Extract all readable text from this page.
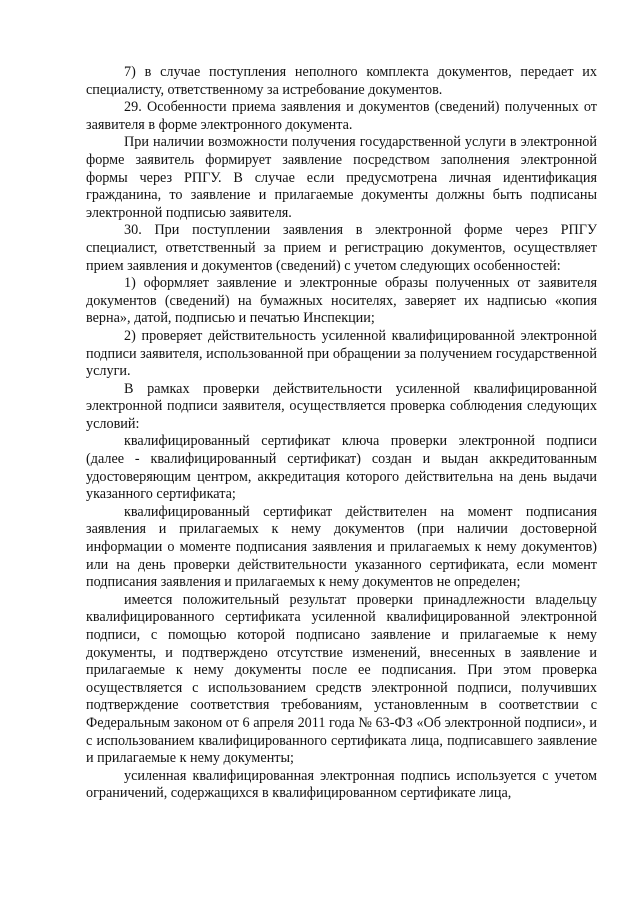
7) в случае поступления неполного комплекта документов, передает их специалисту, ответственному за истребование документов.

29. Особенности приема заявления и документов (сведений) полученных от заявителя в форме электронного документа.

При наличии возможности получения государственной услуги в электронной форме заявитель формирует заявление посредством заполнения электронной формы через РПГУ. В случае если предусмотрена личная идентификация гражданина, то заявление и прилагаемые документы должны быть подписаны электронной подписью заявителя.

30. При поступлении заявления в электронной форме через РПГУ специалист, ответственный за прием и регистрацию документов, осуществляет прием заявления и документов (сведений) с учетом следующих особенностей:

1) оформляет заявление и электронные образы полученных от заявителя документов (сведений) на бумажных носителях, заверяет их надписью «копия верна», датой, подписью и печатью Инспекции;

2) проверяет действительность усиленной квалифицированной электронной подписи заявителя, использованной при обращении за получением государственной услуги.

В рамках проверки действительности усиленной квалифицированной электронной подписи заявителя, осуществляется проверка соблюдения следующих условий:

квалифицированный сертификат ключа проверки электронной подписи (далее - квалифицированный сертификат) создан и выдан аккредитованным удостоверяющим центром, аккредитация которого действительна на день выдачи указанного сертификата;

квалифицированный сертификат действителен на момент подписания заявления и прилагаемых к нему документов (при наличии достоверной информации о моменте подписания заявления и прилагаемых к нему документов) или на день проверки действительности указанного сертификата, если момент подписания заявления и прилагаемых к нему документов не определен;

имеется положительный результат проверки принадлежности владельцу квалифицированного сертификата усиленной квалифицированной электронной подписи, с помощью которой подписано заявление и прилагаемые к нему документы, и подтверждено отсутствие изменений, внесенных в заявление и прилагаемые к нему документы после ее подписания. При этом проверка осуществляется с использованием средств электронной подписи, получивших подтверждение соответствия требованиям, установленным в соответствии с Федеральным законом от 6 апреля 2011 года № 63-ФЗ «Об электронной подписи», и с использованием квалифицированного сертификата лица, подписавшего заявление и прилагаемые к нему документы;

усиленная квалифицированная электронная подпись используется с учетом ограничений, содержащихся в квалифицированном сертификате лица,
